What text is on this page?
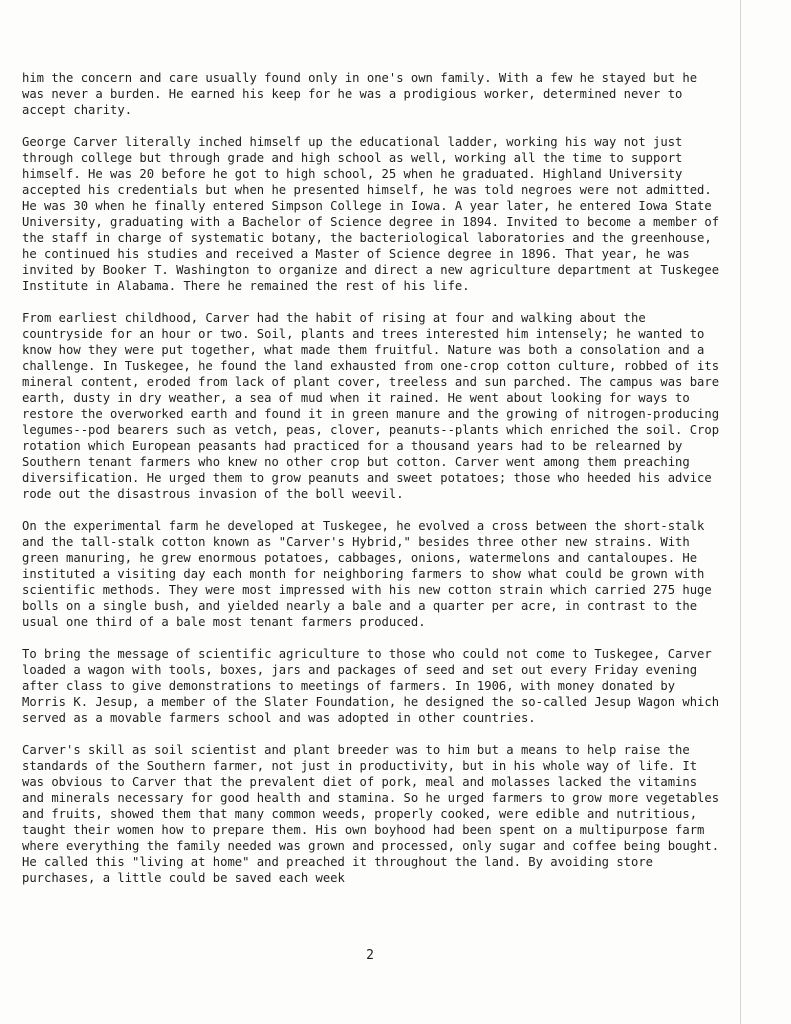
him the concern and care usually found only in one's own family. With a few he stayed but he was never a burden. He earned his keep for he was a prodigious worker, determined never to accept charity.

George Carver literally inched himself up the educational ladder, working his way not just through college but through grade and high school as well, working all the time to support himself. He was 20 before he got to high school, 25 when he graduated. Highland University accepted his credentials but when he presented himself, he was told negroes were not admitted. He was 30 when he finally entered Simpson College in Iowa. A year later, he entered Iowa State University, graduating with a Bachelor of Science degree in 1894. Invited to become a member of the staff in charge of systematic botany, the bacteriological laboratories and the greenhouse, he continued his studies and received a Master of Science degree in 1896. That year, he was invited by Booker T. Washington to organize and direct a new agriculture department at Tuskegee Institute in Alabama. There he remained the rest of his life.

From earliest childhood, Carver had the habit of rising at four and walking about the countryside for an hour or two. Soil, plants and trees interested him intensely; he wanted to know how they were put together, what made them fruitful. Nature was both a consolation and a challenge. In Tuskegee, he found the land exhausted from one-crop cotton culture, robbed of its mineral content, eroded from lack of plant cover, treeless and sun parched. The campus was bare earth, dusty in dry weather, a sea of mud when it rained. He went about looking for ways to restore the overworked earth and found it in green manure and the growing of nitrogen-producing legumes--pod bearers such as vetch, peas, clover, peanuts--plants which enriched the soil. Crop rotation which European peasants had practiced for a thousand years had to be relearned by Southern tenant farmers who knew no other crop but cotton. Carver went among them preaching diversification. He urged them to grow peanuts and sweet potatoes; those who heeded his advice rode out the disastrous invasion of the boll weevil.

On the experimental farm he developed at Tuskegee, he evolved a cross between the short-stalk and the tall-stalk cotton known as "Carver's Hybrid," besides three other new strains. With green manuring, he grew enormous potatoes, cabbages, onions, watermelons and cantaloupes. He instituted a visiting day each month for neighboring farmers to show what could be grown with scientific methods. They were most impressed with his new cotton strain which carried 275 huge bolls on a single bush, and yielded nearly a bale and a quarter per acre, in contrast to the usual one third of a bale most tenant farmers produced.

To bring the message of scientific agriculture to those who could not come to Tuskegee, Carver loaded a wagon with tools, boxes, jars and packages of seed and set out every Friday evening after class to give demonstrations to meetings of farmers. In 1906, with money donated by Morris K. Jesup, a member of the Slater Foundation, he designed the so-called Jesup Wagon which served as a movable farmers school and was adopted in other countries.

Carver's skill as soil scientist and plant breeder was to him but a means to help raise the standards of the Southern farmer, not just in productivity, but in his whole way of life. It was obvious to Carver that the prevalent diet of pork, meal and molasses lacked the vitamins and minerals necessary for good health and stamina. So he urged farmers to grow more vegetables and fruits, showed them that many common weeds, properly cooked, were edible and nutritious, taught their women how to prepare them. His own boyhood had been spent on a multipurpose farm where everything the family needed was grown and processed, only sugar and coffee being bought. He called this "living at home" and preached it throughout the land. By avoiding store purchases, a little could be saved each week

2
